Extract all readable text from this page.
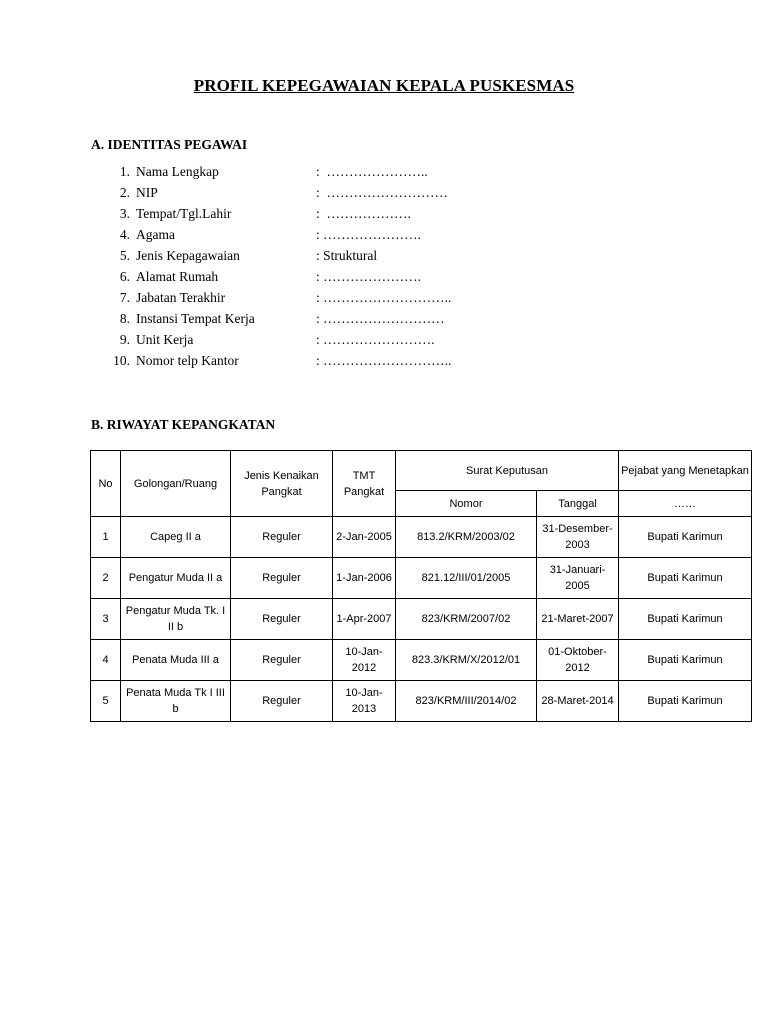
PROFIL KEPEGAWAIAN KEPALA PUSKESMAS
A. IDENTITAS PEGAWAI
1. Nama Lengkap	:  …………………..
2. NIP	:  ………………………
3. Tempat/Tgl.Lahir	:  ……………….
4. Agama	: ………………….
5. Jenis Kepagawaian	: Struktural
6. Alamat Rumah	: ………………….
7. Jabatan Terakhir	: ………………………..
8. Instansi Tempat Kerja	: ………………………
9. Unit Kerja	: …………………….
10. Nomor telp Kantor	: ………………………..
B. RIWAYAT KEPANGKATAN
No	Golongan/Ruang	Jenis Kenaikan Pangkat	TMT Pangkat	Surat Keputusan		Pejabat yang Menetapkan
				Nomor	Tanggal	……
1	Capeg II a	Reguler	2-Jan-2005	813.2/KRM/2003/02	31-Desember-2003	Bupati Karimun
2	Pengatur Muda II a	Reguler	1-Jan-2006	821.12/III/01/2005	31-Januari-2005	Bupati Karimun
3	Pengatur Muda Tk. I II b	Reguler	1-Apr-2007	823/KRM/2007/02	21-Maret-2007	Bupati Karimun
4	Penata Muda III a	Reguler	10-Jan-2012	823.3/KRM/X/2012/01	01-Oktober-2012	Bupati Karimun
5	Penata Muda Tk I III b	Reguler	10-Jan-2013	823/KRM/III/2014/02	28-Maret-2014	Bupati Karimun
